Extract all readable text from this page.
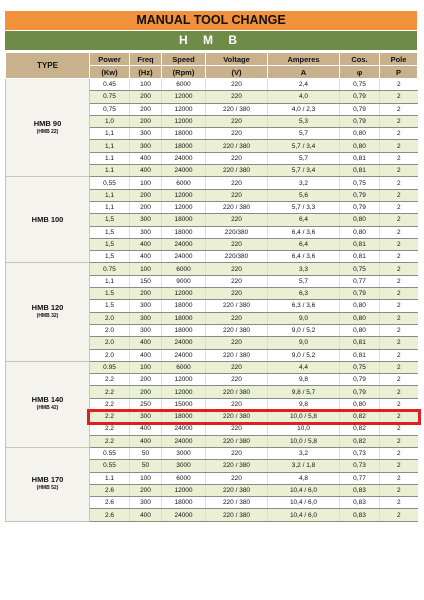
MANUAL TOOL CHANGE
H M B
TYPE	Power	Freq	Speed	Voltage	Amperes	Cos.	Pole
	(Kw)	(Hz)	(Rpm)	(V)	A	φ	P
HMB 90
(HMB 22)	0.45	100	6000	220	2,4	0,75	2
	0.75	200	12000	220	4,0	0,79	2
	0,75	200	12000	220 / 380	4,0 / 2,3	0,79	2
	1,0	200	12000	220	5,3	0,79	2
	1,1	300	18000	220	5,7	0,80	2
	1,1	300	18000	220 / 380	5,7 / 3,4	0,80	2
	1.1	400	24000	220	5,7	0,81	2
	1.1	400	24000	220 / 380	5,7 / 3,4	0,81	2
HMB 100	0,55	100	6000	220	3,2	0,75	2
	1,1	200	12000	220	5,6	0,79	2
	1,1	200	12000	220 / 380	5,7 / 3,3	0,79	2
	1,5	300	18000	220	6,4	0,80	2
	1,5	300	18000	220/380	6,4 / 3,6	0,80	2
	1,5	400	24000	220	6,4	0,81	2
	1,5	400	24000	220/380	6,4 / 3,6	0,81	2
HMB 120
(HMB 32)	0.75	100	6000	220	3,3	0,75	2
	1,1	150	9000	220	5,7	0,77	2
	1.5	200	12000	220	6,3	0,79	2
	1.5	300	18000	220 / 380	6,3 / 3,6	0,80	2
	2.0	300	18000	220	9,0	0,80	2
	2.0	300	18000	220 / 380	9,0 / 5,2	0,80	2
	2.0	400	24000	220	9,0	0,81	2
	2.0	400	24000	220 / 380	9,0 / 5,2	0,81	2
HMB 140
(HMB 42)	0.95	100	6000	220	4,4	0,75	2
	2.2	200	12000	220	9,8	0,79	2
	2.2	200	12000	220 / 380	9,8 / 5,7	0,79	2
	2.2	250	15000	220	9,8	0,80	2
	2.2	300	18000	220 / 380	10,0 / 5,8	0,82	2
	2.2	400	24000	220	10,0	0,82	2
	2.2	400	24000	220 / 380	10,0 / 5,8	0,82	2
HMB 170
(HMB 52)	0.55	50	3000	220	3,2	0,73	2
	0.55	50	3000	220 / 380	3,2 / 1,8	0,73	2
	1.1	100	6000	220	4,8	0,77	2
	2.6	200	12000	220 / 380	10,4 / 6,0	0,83	2
	2.6	300	18000	220 / 380	10,4 / 6,0	0,83	2
	2.6	400	24000	220 / 380	10,4 / 6,0	0,83	2
